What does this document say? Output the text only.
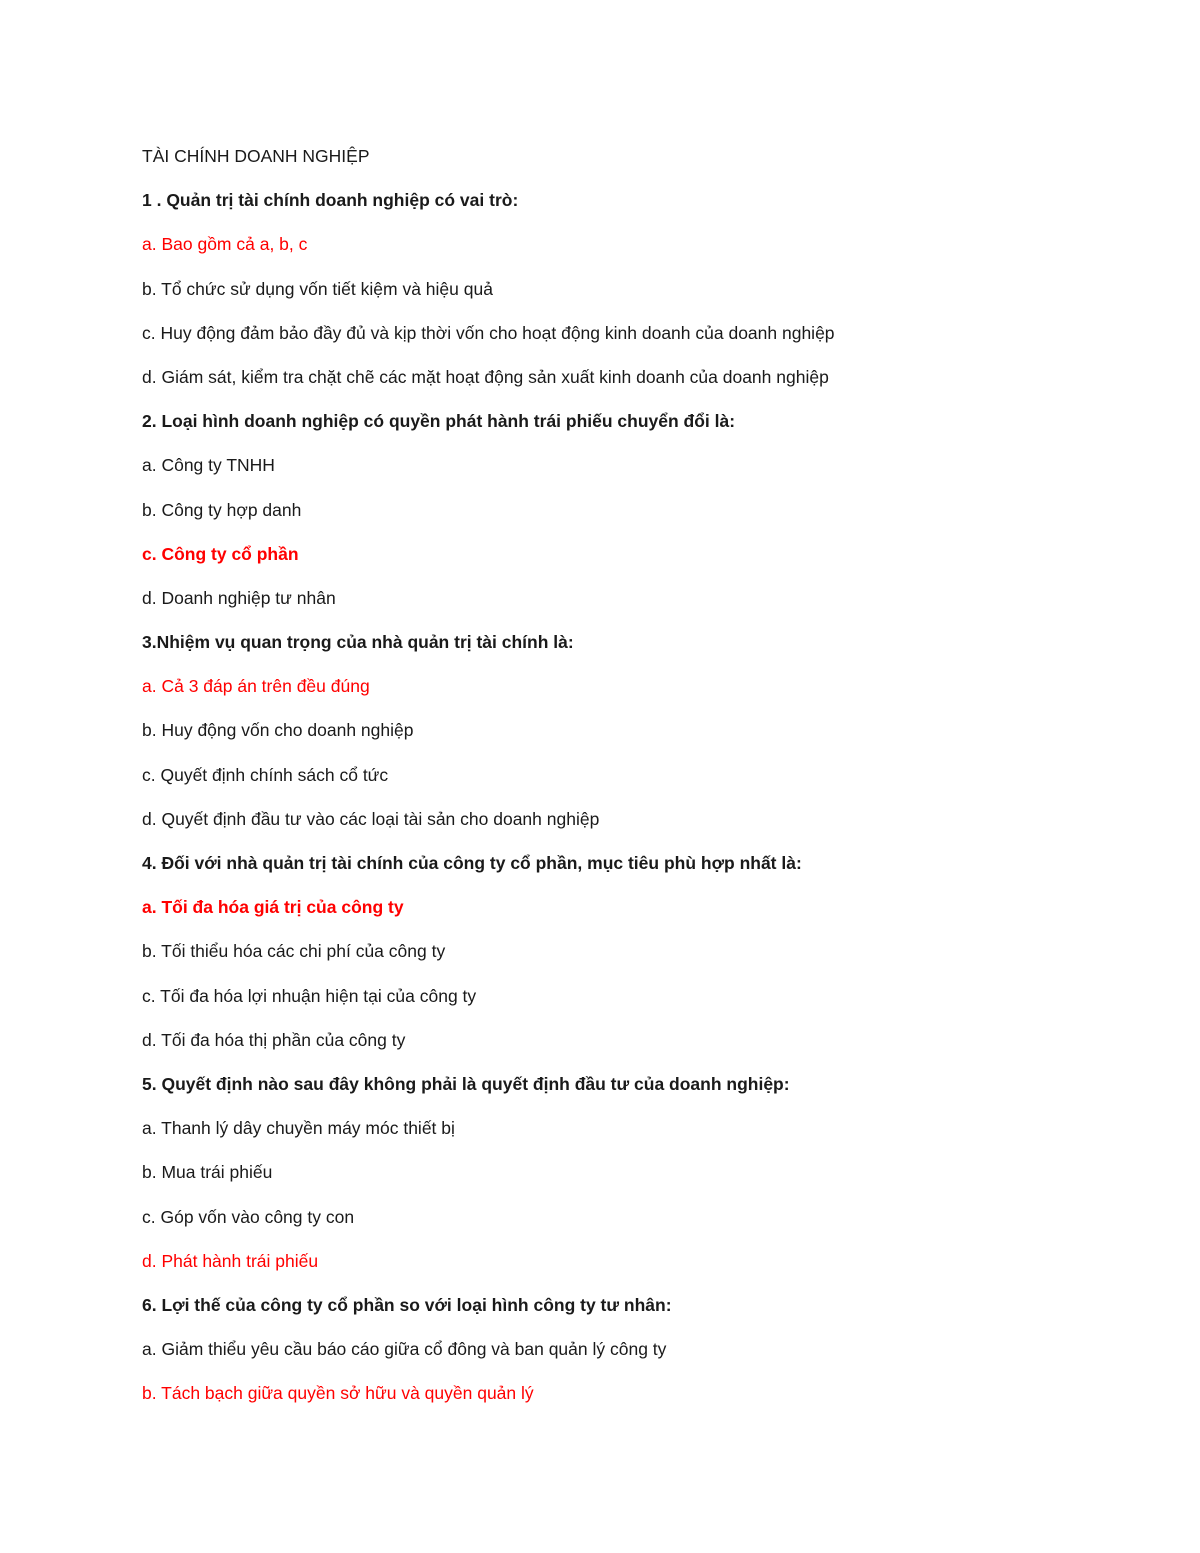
TÀI CHÍNH DOANH NGHIỆP
1 . Quản trị tài chính doanh nghiệp có vai trò:
a. Bao gồm cả a, b, c
b. Tổ chức sử dụng vốn tiết kiệm và hiệu quả
c. Huy động đảm bảo đầy đủ và kịp thời vốn cho hoạt động kinh doanh của doanh nghiệp
d. Giám sát, kiểm tra chặt chẽ các mặt hoạt động sản xuất kinh doanh của doanh nghiệp
2. Loại hình doanh nghiệp có quyền phát hành trái phiếu chuyển đổi là:
a. Công ty TNHH
b. Công ty hợp danh
c. Công ty cổ phần
d. Doanh nghiệp tư nhân
3.Nhiệm vụ quan trọng của nhà quản trị tài chính là:
a. Cả 3 đáp án trên đều đúng
b. Huy động vốn cho doanh nghiệp
c. Quyết định chính sách cổ tức
d. Quyết định đầu tư vào các loại tài sản cho doanh nghiệp
4. Đối với nhà quản trị tài chính của công ty cổ phần, mục tiêu phù hợp nhất là:
a. Tối đa hóa giá trị của công ty
b. Tối thiểu hóa các chi phí của công ty
c. Tối đa hóa lợi nhuận hiện tại của công ty
d. Tối đa hóa thị phần của công ty
5. Quyết định nào sau đây không phải là quyết định đầu tư của doanh nghiệp:
a. Thanh lý dây chuyền máy móc thiết bị
b. Mua trái phiếu
c. Góp vốn vào công ty con
d. Phát hành trái phiếu
6. Lợi thế của công ty cổ phần so với loại hình công ty tư nhân:
a. Giảm thiểu yêu cầu báo cáo giữa cổ đông và ban quản lý công ty
b. Tách bạch giữa quyền sở hữu và quyền quản lý
